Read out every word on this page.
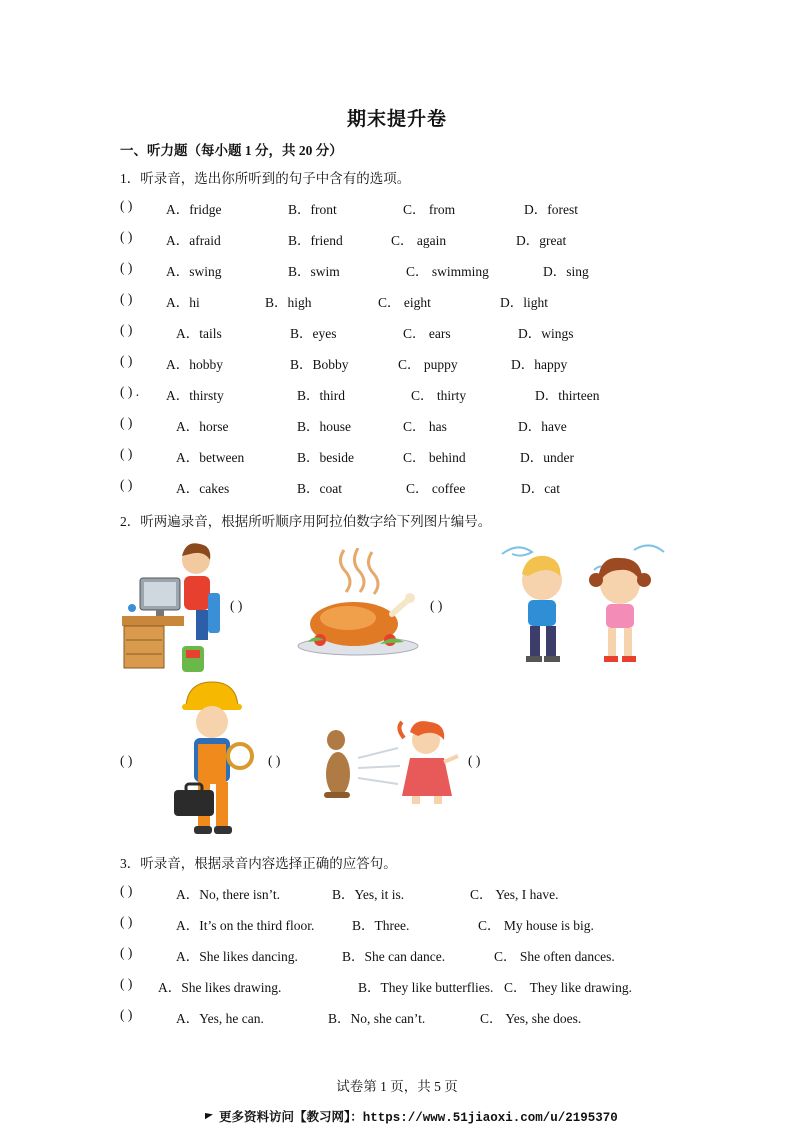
期末提升卷
一、听力题（每小题 1 分，共 20 分）
1．听录音，选出你所听到的句子中含有的选项。
( ) A．fridge	B．front	C． from	D．forest
( ) A．afraid	B．friend	C． again	D．great
( ) A．swing	B．swim	C． swimming	D．sing
( ) A．hi	B．high	C． eight	D．light
( )	A．tails	B．eyes	C． ears	D．wings
( ) A．hobby	B．Bobby	C． puppy	D．happy
( ) . A．thirsty	B．third	C． thirty	D．thirteen
( )	A．horse	B．house	C． has	D．have
( )	A．between	B．beside	C． behind	D．under
( )	A．cakes	B．coat	C． coffee	D．cat
2．听两遍录音，根据所听顺序用阿拉伯数字给下列图片编号。
( )	( )
( )	( )	( )
3．听录音，根据录音内容选择正确的应答句。
( )	A．No, there isn’t.	B．Yes, it is.	C． Yes, I have.
( )	A．It’s on the third floor.	B．Three.	C． My house is big.
( )	A．She likes dancing.	B．She can dance.	C． She often dances.
( ) A．She likes drawing.	B．They like butterflies. C． They like drawing.
( )	A．Yes, he can.	B．No, she can’t.	C． Yes, she does.
试卷第 1 页，共 5 页
更多资料访问【教习网】：https://www.51jiaoxi.com/u/2195370
